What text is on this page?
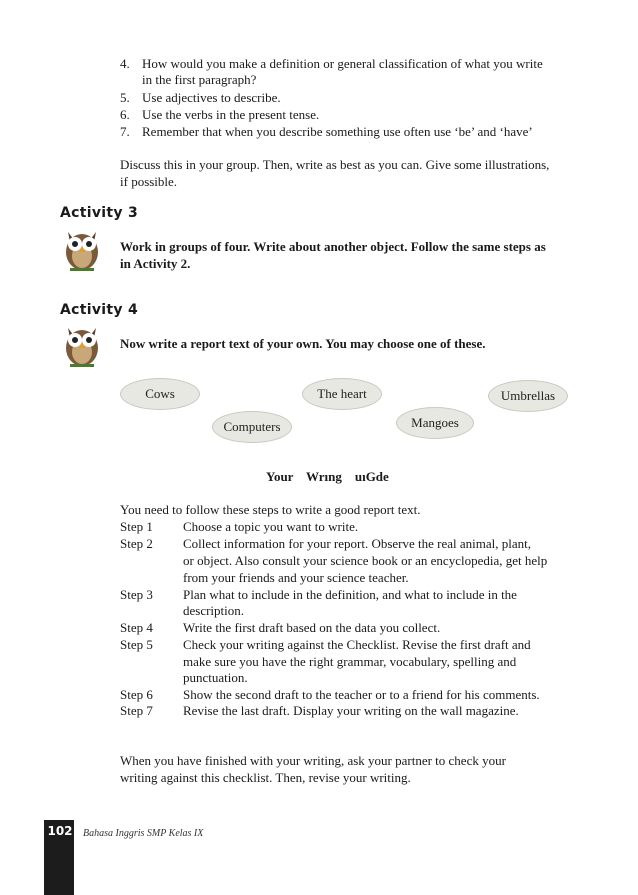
4. How would you make a definition or general classification of what you write
in the first paragraph?
5. Use adjectives to describe.
6. Use the verbs in the present tense.
7. Remember that when you describe something use often use ‘be’ and ‘have’
Discuss this in your group. Then, write as best as you can. Give some illustrations,
if possible.
Activity 3
Work in groups of four. Write about another object. Follow the same steps as
in Activity 2.
Activity 4
Now write a report text of your own. You may choose one of these.
Cows
Computers
The heart
Mangoes
Umbrellas
Your    Wrıng    uıGde
You need to follow these steps to write a good report text.
Step 1 Choose a topic you want to write.
Step 2 Collect information for your report. Observe the real animal, plant,
or object. Also consult your science book or an encyclopedia, get help
from your friends and your science teacher.
Step 3 Plan what to include in the definition, and what to include in the
description.
Step 4 Write the first draft based on the data you collect.
Step 5 Check your writing against the Checklist. Revise the first draft and
make sure you have the right grammar, vocabulary, spelling and
punctuation.
Step 6 Show the second draft to the teacher or to a friend for his comments.
Step 7 Revise the last draft. Display your writing on the wall magazine.
When you have finished with your writing, ask your partner to check your
writing against this checklist. Then, revise your writing.
102	Bahasa Inggris SMP Kelas IX
